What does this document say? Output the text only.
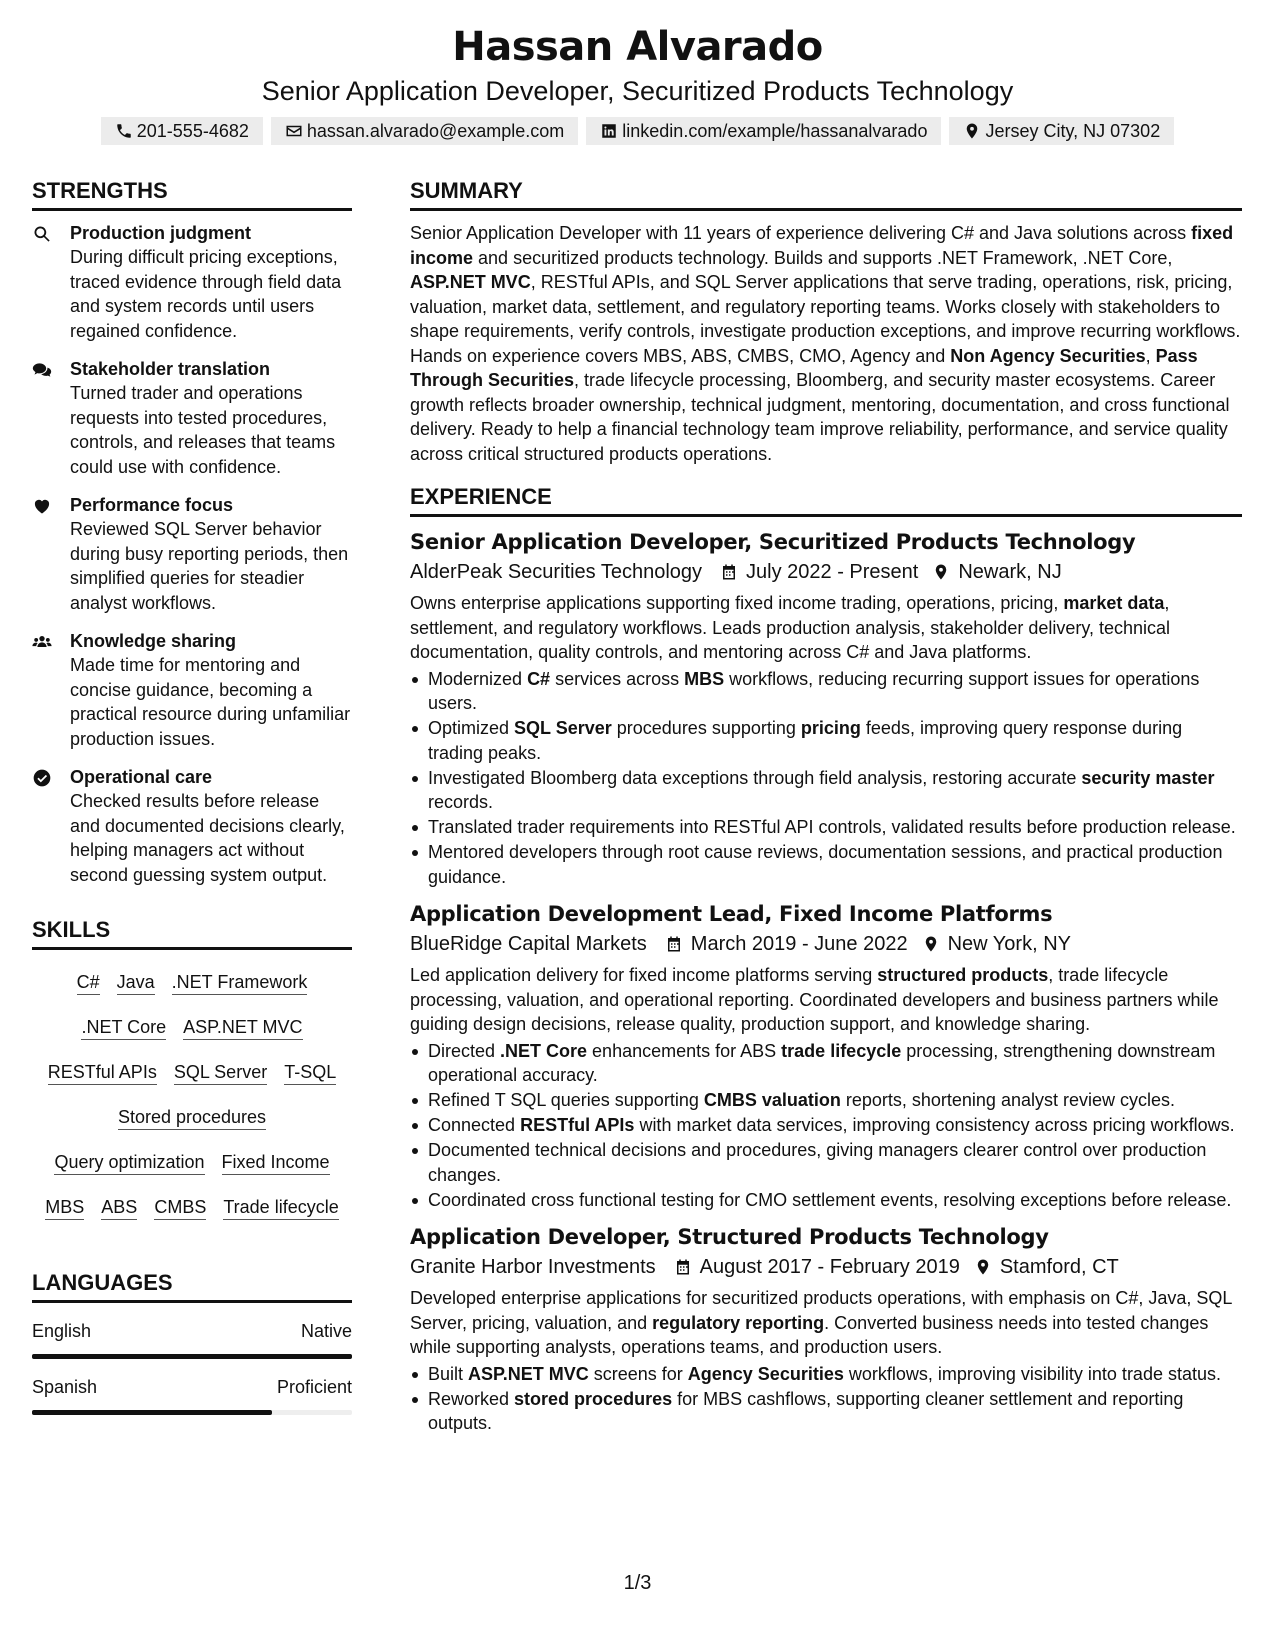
Hassan Alvarado
Senior Application Developer, Securitized Products Technology
201-555-4682	hassan.alvarado@example.com	linkedin.com/example/hassanalvarado	Jersey City, NJ 07302
STRENGTHS
Production judgment
During difficult pricing exceptions, traced evidence through field data and system records until users regained confidence.
Stakeholder translation
Turned trader and operations requests into tested procedures, controls, and releases that teams could use with confidence.
Performance focus
Reviewed SQL Server behavior during busy reporting periods, then simplified queries for steadier analyst workflows.
Knowledge sharing
Made time for mentoring and concise guidance, becoming a practical resource during unfamiliar production issues.
Operational care
Checked results before release and documented decisions clearly, helping managers act without second guessing system output.
SKILLS
C# Java .NET Framework
.NET Core ASP.NET MVC
RESTful APIs SQL Server T-SQL
Stored procedures
Query optimization Fixed Income
MBS ABS CMBS Trade lifecycle
LANGUAGES
English	Native
Spanish	Proficient
SUMMARY
Senior Application Developer with 11 years of experience delivering C# and Java solutions across fixed income and securitized products technology. Builds and supports .NET Framework, .NET Core, ASP.NET MVC, RESTful APIs, and SQL Server applications that serve trading, operations, risk, pricing, valuation, market data, settlement, and regulatory reporting teams. Works closely with stakeholders to shape requirements, verify controls, investigate production exceptions, and improve recurring workflows. Hands on experience covers MBS, ABS, CMBS, CMO, Agency and Non Agency Securities, Pass Through Securities, trade lifecycle processing, Bloomberg, and security master ecosystems. Career growth reflects broader ownership, technical judgment, mentoring, documentation, and cross functional delivery. Ready to help a financial technology team improve reliability, performance, and service quality across critical structured products operations.
EXPERIENCE
Senior Application Developer, Securitized Products Technology
AlderPeak Securities Technology July 2022 - Present Newark, NJ
Owns enterprise applications supporting fixed income trading, operations, pricing, market data, settlement, and regulatory workflows. Leads production analysis, stakeholder delivery, technical documentation, quality controls, and mentoring across C# and Java platforms.
Modernized C# services across MBS workflows, reducing recurring support issues for operations users.
Optimized SQL Server procedures supporting pricing feeds, improving query response during trading peaks.
Investigated Bloomberg data exceptions through field analysis, restoring accurate security master records.
Translated trader requirements into RESTful API controls, validated results before production release.
Mentored developers through root cause reviews, documentation sessions, and practical production guidance.
Application Development Lead, Fixed Income Platforms
BlueRidge Capital Markets March 2019 - June 2022 New York, NY
Led application delivery for fixed income platforms serving structured products, trade lifecycle processing, valuation, and operational reporting. Coordinated developers and business partners while guiding design decisions, release quality, production support, and knowledge sharing.
Directed .NET Core enhancements for ABS trade lifecycle processing, strengthening downstream operational accuracy.
Refined T SQL queries supporting CMBS valuation reports, shortening analyst review cycles.
Connected RESTful APIs with market data services, improving consistency across pricing workflows.
Documented technical decisions and procedures, giving managers clearer control over production changes.
Coordinated cross functional testing for CMO settlement events, resolving exceptions before release.
Application Developer, Structured Products Technology
Granite Harbor Investments August 2017 - February 2019 Stamford, CT
Developed enterprise applications for securitized products operations, with emphasis on C#, Java, SQL Server, pricing, valuation, and regulatory reporting. Converted business needs into tested changes while supporting analysts, operations teams, and production users.
Built ASP.NET MVC screens for Agency Securities workflows, improving visibility into trade status.
Reworked stored procedures for MBS cashflows, supporting cleaner settlement and reporting outputs.
1/3
